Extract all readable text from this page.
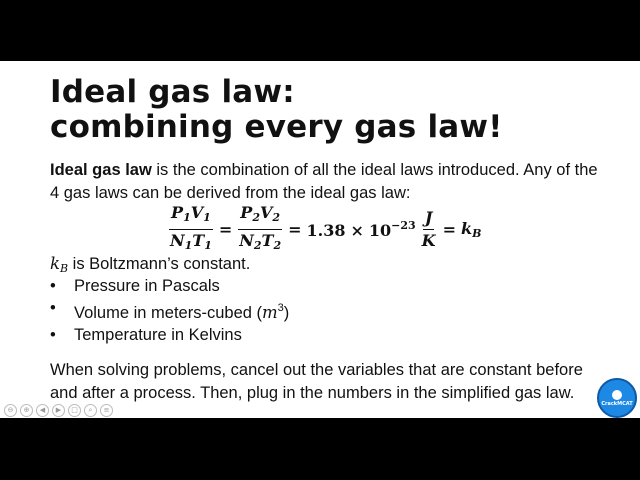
Ideal gas law:
combining every gas law!
Ideal gas law is the combination of all the ideal laws introduced. Any of the 4 gas laws can be derived from the ideal gas law:
$\frac{P_1V_1}{N_1T_1} = \frac{P_2V_2}{N_2T_2} = 1.38 \times 10^{-23} \frac{J}{K} = k_B$
$k_B$ is Boltzmann’s constant.
•	Pressure in Pascals
•	Volume in meters-cubed $(m^3)$
•	Temperature in Kelvins
When solving problems, cancel out the variables that are constant before and after a process. Then, plug in the numbers in the simplified gas law.
CrackMCAT
⊖	⊕	◀	▶	□	⌕	≡
